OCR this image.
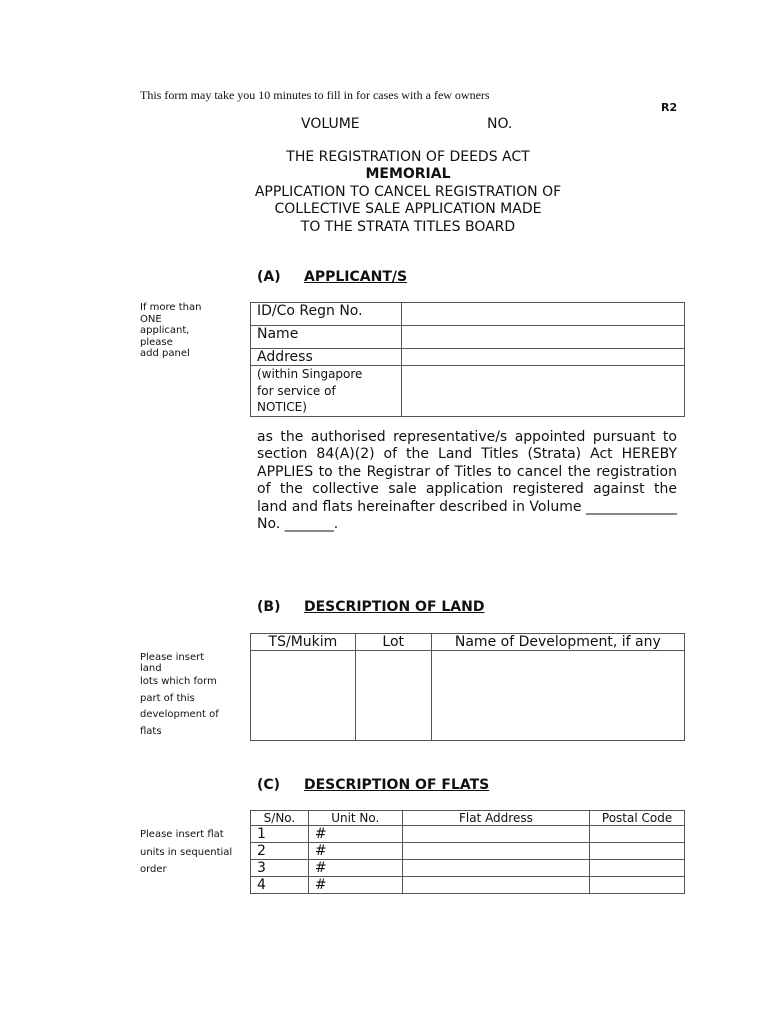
This form may take you 10 minutes to fill in for cases with a few owners
R2
VOLUME	NO.
THE REGISTRATION OF DEEDS ACT
MEMORIAL
APPLICATION TO CANCEL REGISTRATION OF
COLLECTIVE SALE APPLICATION MADE
TO THE STRATA TITLES BOARD
(A) APPLICANT/S
If more than
ONE
applicant,
please
add panel
ID/Co Regn No.	
Name	
Address	

(within Singapore
for service of
NOTICE)	

as the authorised representative/s appointed pursuant to section 84(A)(2) of the Land Titles (Strata) Act HEREBY APPLIES to the Registrar of Titles to cancel the registration of the collective sale application registered against the land and flats hereinafter described in Volume _____________ No. _______.
(B) DESCRIPTION OF LAND
Please insert
land
lots which form
part of this
development of
flats
TS/Mukim	Lot	Name of Development, if any

(C) DESCRIPTION OF FLATS
Please insert flat
units in sequential
order
S/No.	Unit No.	Flat Address	Postal Code
1	#		
2	#		
3	#		
4	#		
